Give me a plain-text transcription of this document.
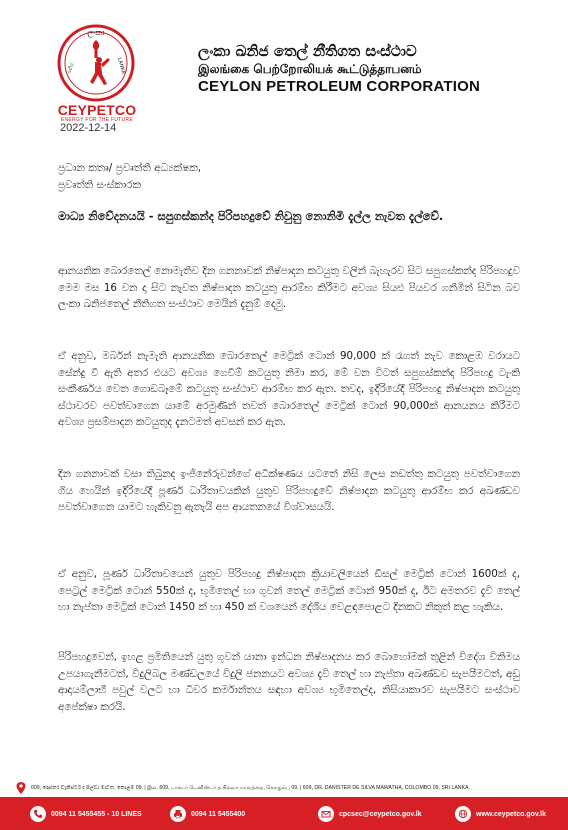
ලංකා
ඛනිජ	LANKA
CEYPETCO
ENERGY FOR THE FUTURE
2022-12-14
ලංකා ඛනිජ තෙල් නීතිගත සංස්ථාව
இலங்கை பெற்றோலியக் கூட்டுத்தாபனம்
CEYLON PETROLEUM CORPORATION
ප්‍රධාන කතෘ/ ප්‍රවෘත්ති අධ්‍යක්ෂක,
ප්‍රවෘත්ති සංස්කාරක
මාධ්‍ය නිවේදනයයි - සපුගස්කන්ද පිරිපහදුවේ නිවුනු නොනිමි දැල්ල නැවත දැල්වේ.
ආනයනික බොරතෙල් නොමැතිව දින ගනනාවක් නිෂ්පාදන කටයුතු වලින් බැහැරව සිට සපුගස්කන්ද පිරිපහදුව මෙම මස 16 වන දා සිට නැවත නිෂ්පාදන කටයුතු ආරම්භ කිරීමට අවශ්‍ය සියළු පියවර ගනිමින් සිටින බව ලංකා ඛනිජතෙල් නීතිගත සංස්ථාව මෙයින් දැනුම් දෙමු.
ඒ අනුව, මර්බන් නැමැති ආනයනික බොරතෙල් මෙට්‍රික් ටොන් 90,000 ක් රැගත් නැව කොළඹ වරායට සේන්දු වී ඇති අතර එයට අවශ්‍ය ගෙවීම් කටයුතු නිමා කර, මේ වන විටත් සපුගස්කන්ද පිරිපහදු ටැංකි සංකීර්ණය වෙත ගොඩබෑමේ කටයුතු සංස්ථාව ආරම්භ කර ඇත. තවද, ඉදිරියේදී පිරිපහදු නිෂ්පාදන කටයුතු ස්ථාවරව පවත්වාගෙන යාමේ අරමුණින් තවත් බොරතෙල් මෙට්‍රික් ටොන් 90,000ක් ආනයනය කිරීමට අවශ්‍ය ප්‍රසම්පාදන කටයුතුද දැනටමත් අවසන් කර ඇත.
දින ගනනාවක් වසා තිබුනද ඉංජිනේරුවන්ගේ අධීක්ෂණය යටතේ නිසි ලෙස නඩත්තු කටයුතු පවත්වාගෙන ගිය හෙයින් ඉදිරියේදී පූර්ණ ධාරිතාවයකින් යුතුව පිරිපහදුවේ නිෂ්පාදන කටයුතු ආරම්භ කර අඛණ්ඩව පවත්වාගෙන යාමට හැකිවනු ඇතැයි අප ආයතනයේ විශ්වාසයයි.
ඒ අනුව, පූර්ණ ධාරිතාවයෙන් යුතුව පිරිපහදු නිෂ්පාදන ක්‍රියාවලියෙන් ඩීසල් මෙට්‍රික් ටොන් 1600ක් ද, පෙට්‍රල් මෙට්‍රික් ටොන් 550ක් ද, භූමිතෙල් හා ගුවන් තෙල් මෙට්‍රික් ටොන් 950ක් ද, ඊට අමතරව දැවි තෙල් හා නැප්තා මෙට්‍රික් ටොන් 1450 ක් හා 450 ක් වශයෙන් දේශීය වෙළඳපොළට දිනකට නිකුත් කළ හැකිය.
පිරිපහදුවෙන්, ඉහළ ප්‍රමිතියෙන් යුතු ගුවන් යානා ඉන්ධන නිෂ්පාදනය කර බොහෝමක් තුළින් විදේශ විනිමය උපයාගැනීමටත්, විදුලිබල මණ්ඩලයේ විදුලි ජනනයට අවශ්‍ය දැවි තෙල් හා නැප්තා අඛණ්ඩව සැපයීමටත්, අඩු ආදායම්ලාභී පවුල් වලට හා ධීවර කර්මාන්තය සඳහා අවශ්‍ය භූමිතෙල්ද, නිසියාකාරව සැපයීමට සංස්ථාව අපේක්ෂා කරයි.
609, දොස්තර ඩැනිස්ටර් ද සිල්වා මාවත, කොළඹ 09. | இல. 609, டாக்டர் டெனிஸ்டர் த சில்வா மாவத்தை, கொழும்பு 09. | 609, DR. DANISTER DE SILVA MAWATHA, COLOMBO 09, SRI LANKA.
0094 11 5455455 - 10 LINES	0094 11 5455400	cpcsec@ceypetco.gov.lk	www.ceypetco.gov.lk
